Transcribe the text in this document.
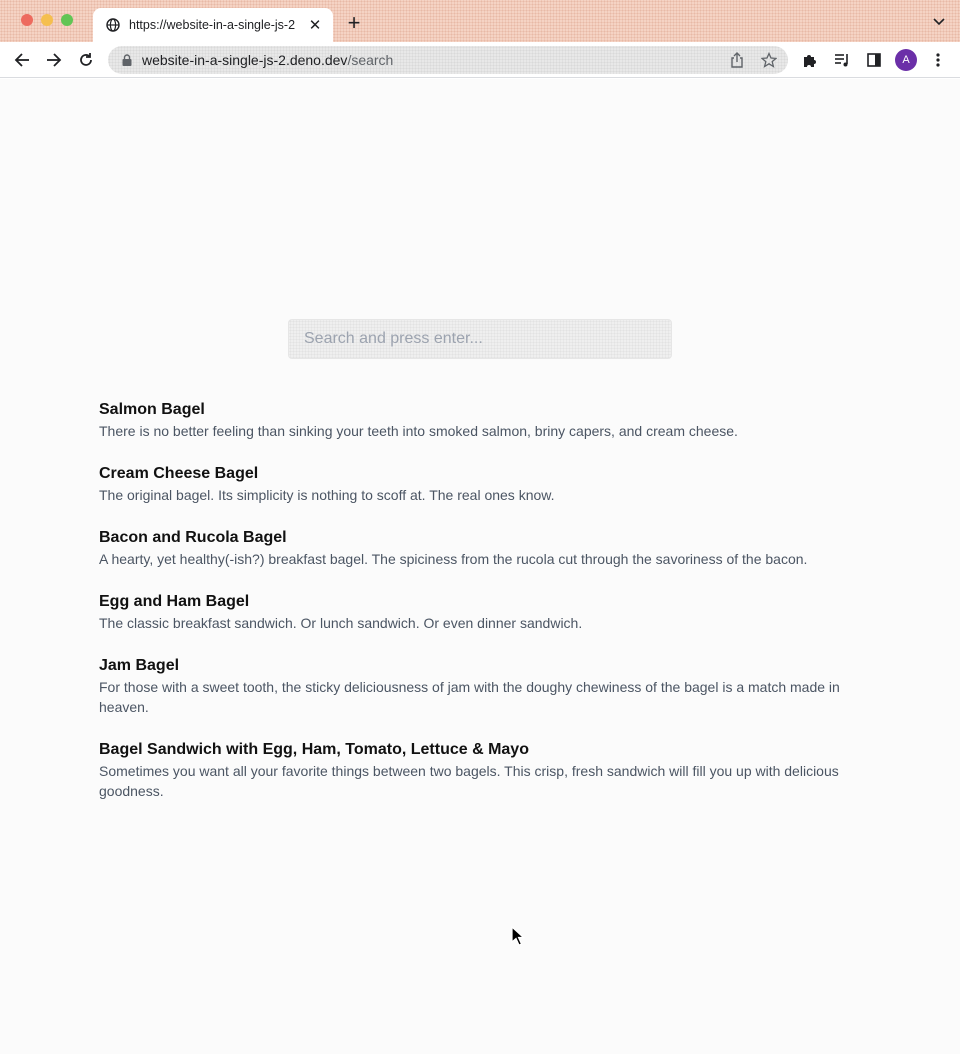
https://website-in-a-single-js-2 ✕ +
website-in-a-single-js-2.deno.dev/search	A
Search and press enter...
Salmon Bagel
There is no better feeling than sinking your teeth into smoked salmon, briny capers, and cream cheese.
Cream Cheese Bagel
The original bagel. Its simplicity is nothing to scoff at. The real ones know.
Bacon and Rucola Bagel
A hearty, yet healthy(-ish?) breakfast bagel. The spiciness from the rucola cut through the savoriness of the bacon.
Egg and Ham Bagel
The classic breakfast sandwich. Or lunch sandwich. Or even dinner sandwich.
Jam Bagel
For those with a sweet tooth, the sticky deliciousness of jam with the doughy chewiness of the bagel is a match made in heaven.
Bagel Sandwich with Egg, Ham, Tomato, Lettuce & Mayo
Sometimes you want all your favorite things between two bagels. This crisp, fresh sandwich will fill you up with delicious goodness.
